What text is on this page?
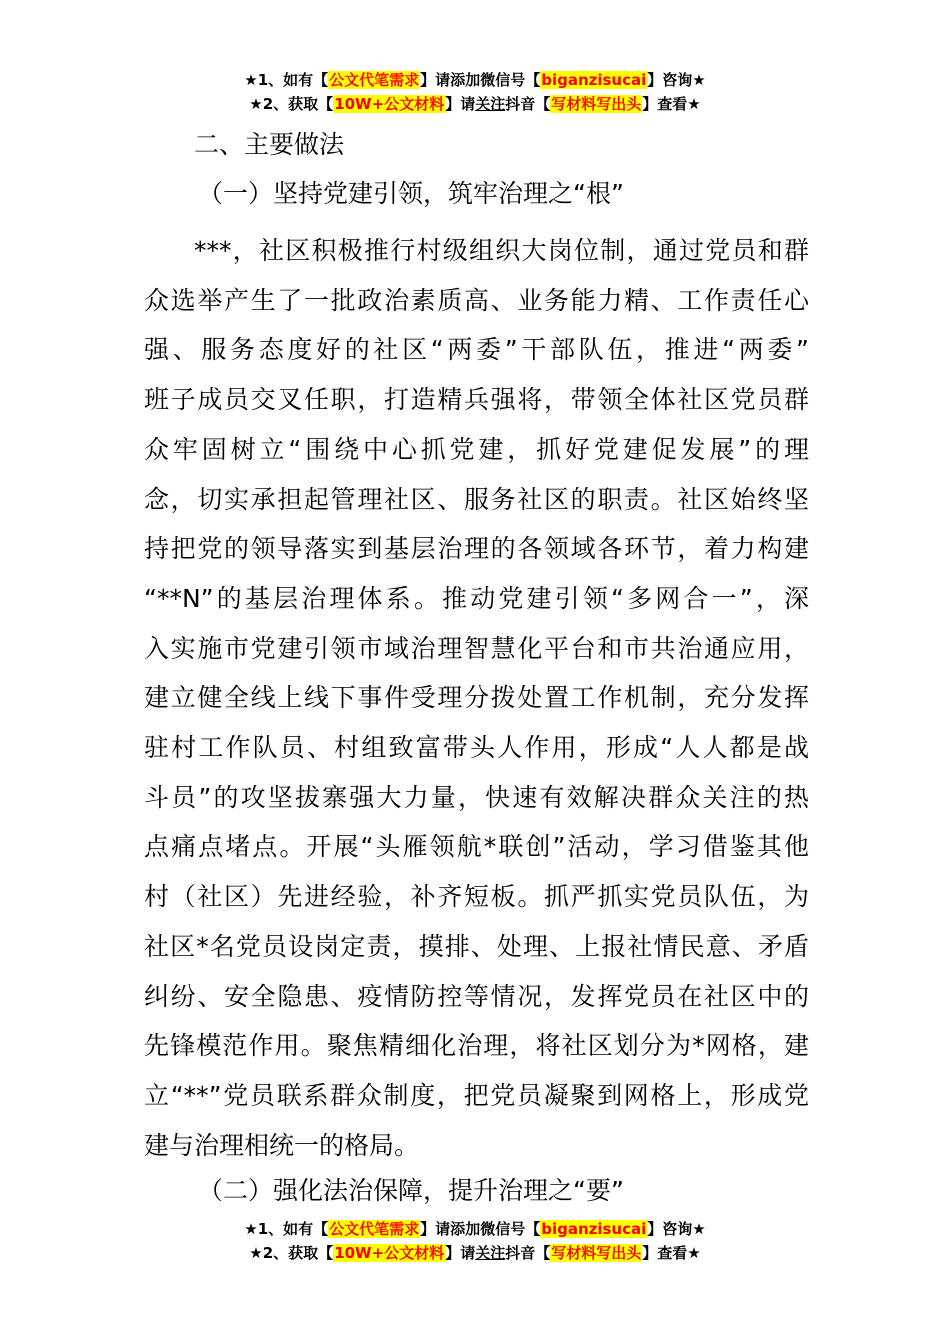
★1、如有【公文代笔需求】请添加微信号【biganzisucai】咨询★
★2、获取【10W+公文材料】请关注抖音【写材料写出头】查看★
二、主要做法
（一）坚持党建引领，筑牢治理之“根”
***，社区积极推行村级组织大岗位制，通过党员和群
众选举产生了一批政治素质高、业务能力精、工作责任心
强、服务态度好的社区“两委”干部队伍，推进“两委”
班子成员交叉任职，打造精兵强将，带领全体社区党员群
众牢固树立“围绕中心抓党建，抓好党建促发展”的理
念，切实承担起管理社区、服务社区的职责。社区始终坚
持把党的领导落实到基层治理的各领域各环节，着力构建
“**N”的基层治理体系。推动党建引领“多网合一”，深
入实施市党建引领市域治理智慧化平台和市共治通应用，
建立健全线上线下事件受理分拨处置工作机制，充分发挥
驻村工作队员、村组致富带头人作用，形成“人人都是战
斗员”的攻坚拔寨强大力量，快速有效解决群众关注的热
点痛点堵点。开展“头雁领航*联创”活动，学习借鉴其他
村（社区）先进经验，补齐短板。抓严抓实党员队伍，为
社区*名党员设岗定责，摸排、处理、上报社情民意、矛盾
纠纷、安全隐患、疫情防控等情况，发挥党员在社区中的
先锋模范作用。聚焦精细化治理，将社区划分为*网格，建
立“**”党员联系群众制度，把党员凝聚到网格上，形成党
建与治理相统一的格局。
（二）强化法治保障，提升治理之“要”
★1、如有【公文代笔需求】请添加微信号【biganzisucai】咨询★
★2、获取【10W+公文材料】请关注抖音【写材料写出头】查看★
